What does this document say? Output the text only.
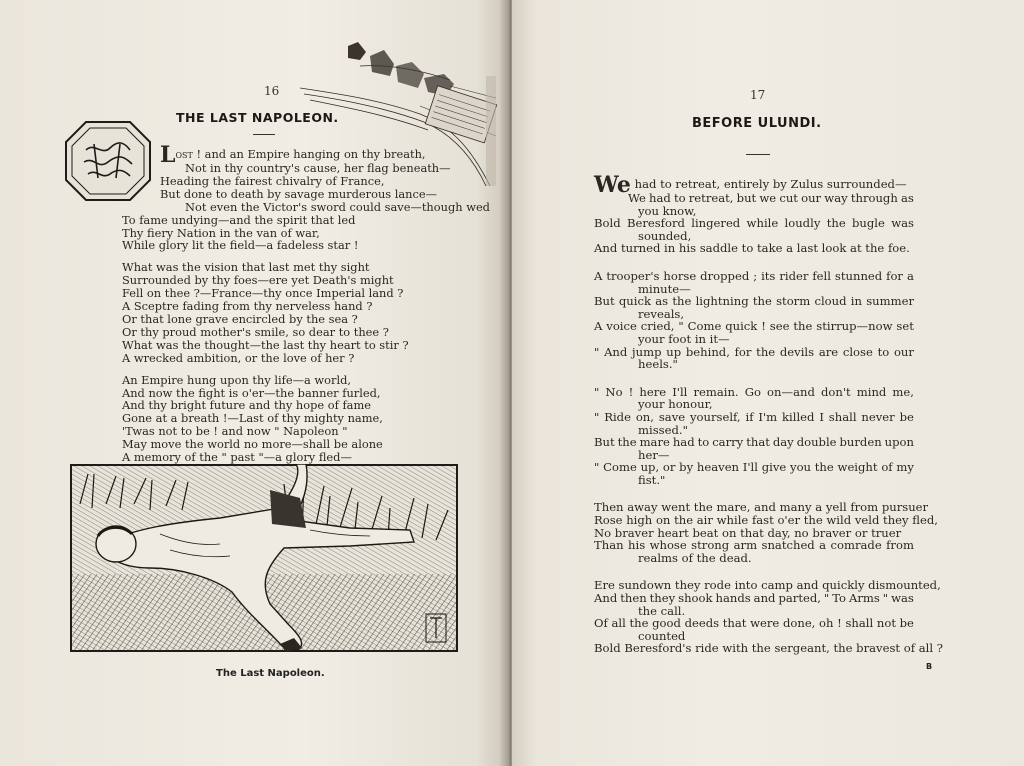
16
THE LAST NAPOLEON.
Lost ! and an Empire hanging on thy breath,
Not in thy country's cause, her flag beneath—
Heading the fairest chivalry of France,
But done to death by savage murderous lance—
Not even the Victor's sword could save—though wed
To fame undying—and the spirit that led
Thy fiery Nation in the van of war,
While glory lit the field—a fadeless star !
What was the vision that last met thy sight
Surrounded by thy foes—ere yet Death's might
Fell on thee ?—France—thy once Imperial land ?
A Sceptre fading from thy nerveless hand ?
Or that lone grave encircled by the sea ?
Or thy proud mother's smile, so dear to thee ?
What was the thought—the last thy heart to stir ?
A wrecked ambition, or the love of her ?
An Empire hung upon thy life—a world,
And now the fight is o'er—the banner furled,
And thy bright future and thy hope of fame
Gone at a breath !—Last of thy mighty name,
'Twas not to be ! and now " Napoleon "
May move the world no more—shall be alone
A memory of the " past "—a glory fled—
The Last Napoleon.
17
BEFORE ULUNDI.
We had to retreat, entirely by Zulus surrounded—
We had to retreat, but we cut our way through as
you know,
Bold Beresford lingered while loudly the bugle was
sounded,
And turned in his saddle to take a last look at the foe.
A trooper's horse dropped ; its rider fell stunned for a
minute—
But quick as the lightning the storm cloud in summer
reveals,
A voice cried, " Come quick ! see the stirrup—now set
your foot in it—
" And jump up behind, for the devils are close to our
heels."
" No ! here I'll remain. Go on—and don't mind me,
your honour,
" Ride on, save yourself, if I'm killed I shall never be
missed."
But the mare had to carry that day double burden upon
her—
" Come up, or by heaven I'll give you the weight of my
fist."
Then away went the mare, and many a yell from pursuer
Rose high on the air while fast o'er the wild veld they fled,
No braver heart beat on that day, no braver or truer
Than his whose strong arm snatched a comrade from
realms of the dead.
Ere sundown they rode into camp and quickly dismounted,
And then they shook hands and parted, " To Arms " was
the call.
Of all the good deeds that were done, oh ! shall not be
counted
Bold Beresford's ride with the sergeant, the bravest of all ?
B
